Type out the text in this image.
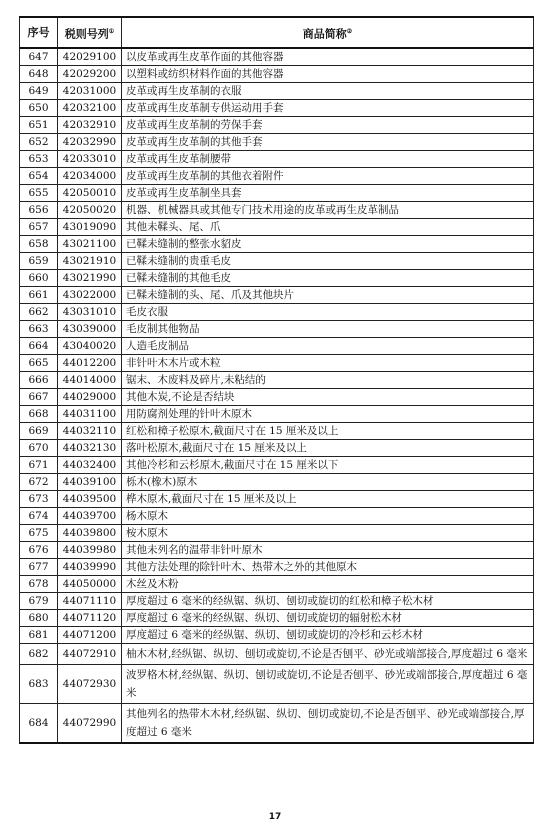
序号	税则号列①	商品简称②
647	42029100	以皮革或再生皮革作面的其他容器
648	42029200	以塑料或纺织材料作面的其他容器
649	42031000	皮革或再生皮革制的衣服
650	42032100	皮革或再生皮革制专供运动用手套
651	42032910	皮革或再生皮革制的劳保手套
652	42032990	皮革或再生皮革制的其他手套
653	42033010	皮革或再生皮革制腰带
654	42034000	皮革或再生皮革制的其他衣着附件
655	42050010	皮革或再生皮革制坐具套
656	42050020	机器、机械器具或其他专门技术用途的皮革或再生皮革制品
657	43019090	其他未鞣头、尾、爪
658	43021100	已鞣未缝制的整张水貂皮
659	43021910	已鞣未缝制的贵重毛皮
660	43021990	已鞣未缝制的其他毛皮
661	43022000	已鞣未缝制的头、尾、爪及其他块片
662	43031010	毛皮衣服
663	43039000	毛皮制其他物品
664	43040020	人造毛皮制品
665	44012200	非针叶木木片或木粒
666	44014000	锯末、木废料及碎片,未粘结的
667	44029000	其他木炭,不论是否结块
668	44031100	用防腐剂处理的针叶木原木
669	44032110	红松和樟子松原木,截面尺寸在 15 厘米及以上
670	44032130	落叶松原木,截面尺寸在 15 厘米及以上
671	44032400	其他冷杉和云杉原木,截面尺寸在 15 厘米以下
672	44039100	栎木(橡木)原木
673	44039500	桦木原木,截面尺寸在 15 厘米及以上
674	44039700	杨木原木
675	44039800	桉木原木
676	44039980	其他未列名的温带非针叶原木
677	44039990	其他方法处理的除针叶木、热带木之外的其他原木
678	44050000	木丝及木粉
679	44071110	厚度超过 6 毫米的经纵锯、纵切、刨切或旋切的红松和樟子松木材
680	44071120	厚度超过 6 毫米的经纵锯、纵切、刨切或旋切的辐射松木材
681	44071200	厚度超过 6 毫米的经纵锯、纵切、刨切或旋切的冷杉和云杉木材
682	44072910	柚木木材,经纵锯、纵切、刨切或旋切,不论是否刨平、砂光或端部接合,厚度超过 6 毫米
683	44072930	波罗格木材,经纵锯、纵切、刨切或旋切,不论是否刨平、砂光或端部接合,厚度超过 6 毫米
684	44072990	其他列名的热带木木材,经纵锯、纵切、刨切或旋切,不论是否刨平、砂光或端部接合,厚度超过 6 毫米
17
